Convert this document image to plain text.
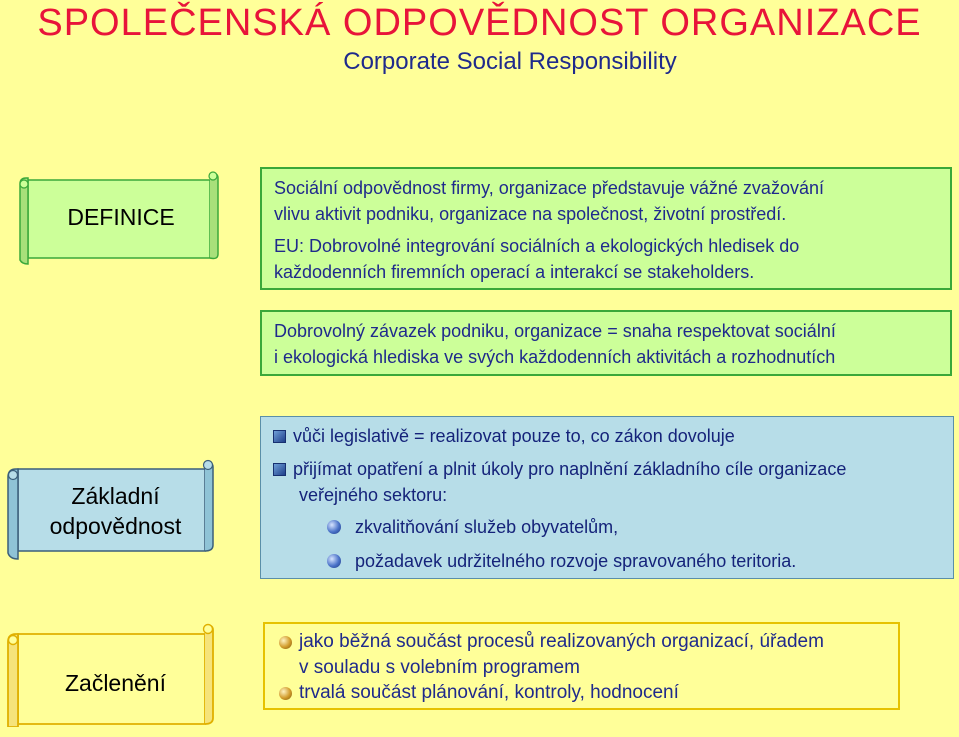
SPOLEČENSKÁ ODPOVĚDNOST ORGANIZACE
Corporate Social Responsibility
DEFINICE
Sociální odpovědnost firmy, organizace představuje vážné zvažování
vlivu aktivit podniku, organizace na společnost, životní prostředí.
EU: Dobrovolné integrování sociálních a ekologických hledisek do
každodenních firemních operací a interakcí se stakeholders.
Dobrovolný závazek podniku, organizace = snaha respektovat sociální
i ekologická hlediska ve svých každodenních aktivitách a rozhodnutích
Základní
odpovědnost
vůči legislativě = realizovat pouze to, co zákon dovoluje
přijímat opatření a plnit úkoly pro naplnění základního cíle organizace
veřejného sektoru:
zkvalitňování služeb obyvatelům,
požadavek udržitelného rozvoje spravovaného teritoria.
Začlenění
jako běžná součást procesů realizovaných organizací, úřadem
v souladu s volebním programem
trvalá součást plánování, kontroly, hodnocení
